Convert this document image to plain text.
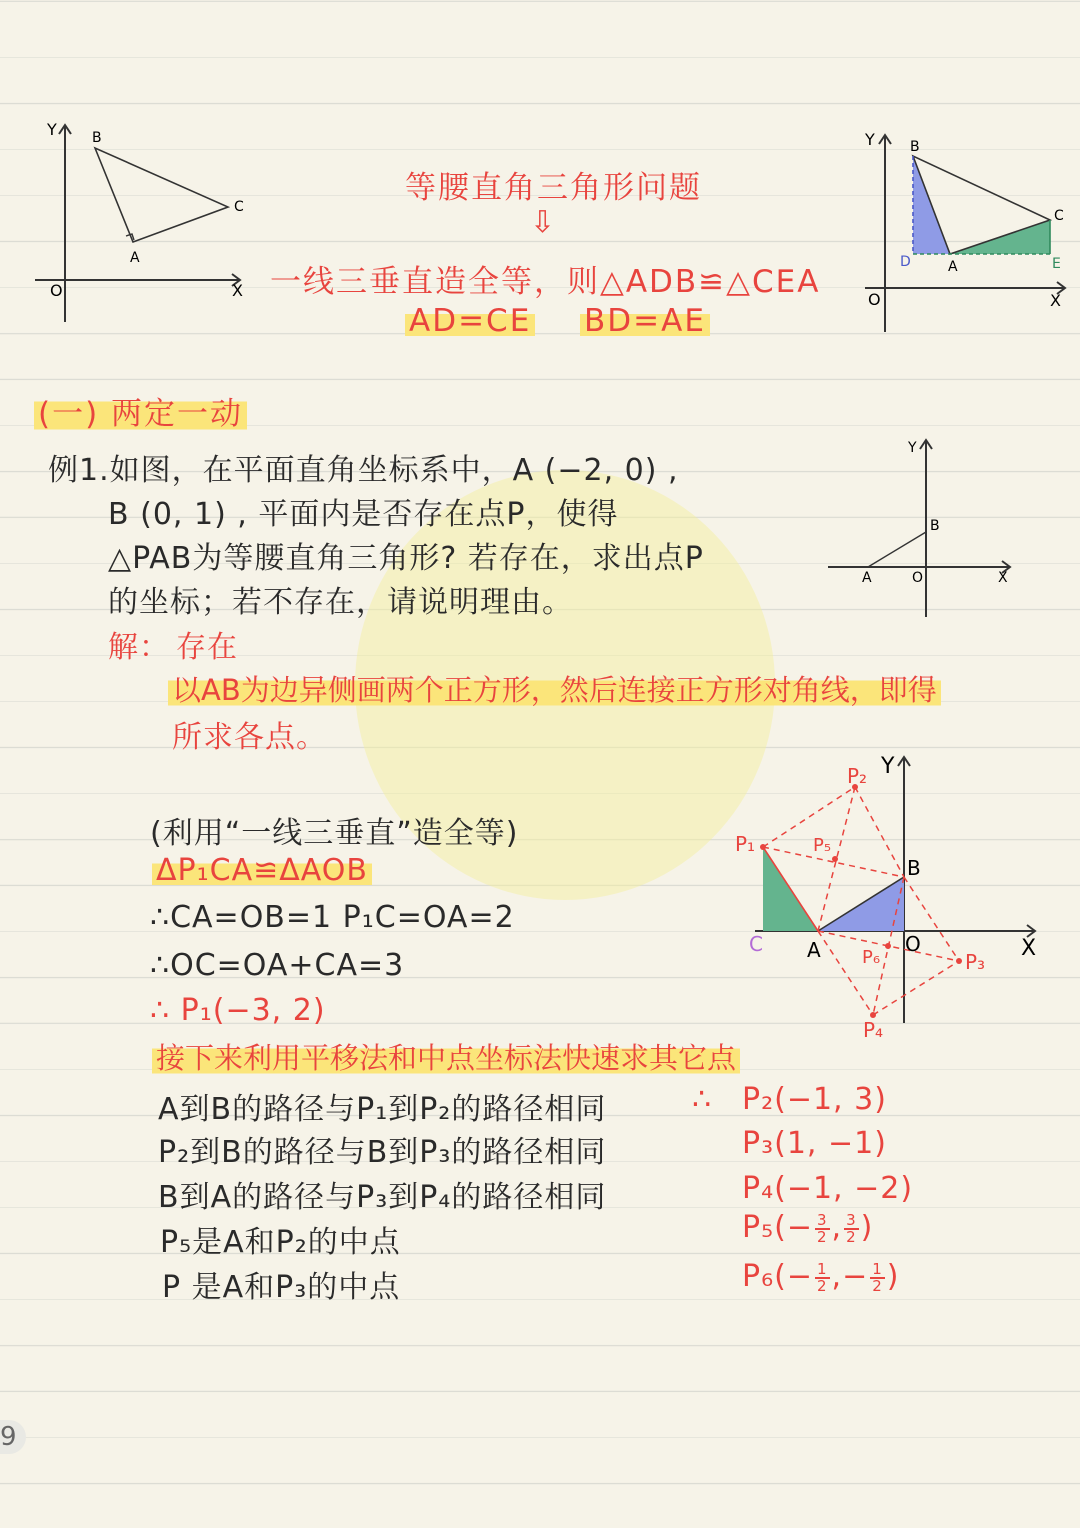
Y	B
C
A
O	X
Y	B
C
D	A	E
O	X
等腰直角三角形问题
⇩
一线三垂直造全等，则△ADB≌△CEA
AD=CE BD=AE
(一) 两定一动
例1.如图，在平面直角坐标系中，A (−2, 0) ,
B (0, 1) , 平面内是否存在点P，使得
△PAB为等腰直角三角形? 若存在，求出点P
的坐标；若不存在，请说明理由。
Y
B
A	O	X
解： 存在
以AB为边异侧画两个正方形，然后连接正方形对角线，即得
所求各点。
Y
X
O
B
A
C
P₁
P₂
P₃
P₄
P₅
P₆
(利用“一线三垂直”造全等)
ΔP₁CA≌ΔAOB
∴CA=OB=1 P₁C=OA=2
∴OC=OA+CA=3
∴ P₁(−3, 2)
接下来利用平移法和中点坐标法快速求其它点
A到B的路径与P₁到P₂的路径相同
P₂到B的路径与B到P₃的路径相同
B到A的路径与P₃到P₄的路径相同
P₅是A和P₂的中点
P 是A和P₃的中点
∴ P₂(−1, 3)
P₃(1, −1)
P₄(−1, −2)
$P_5(- \frac{3}{2}$ , $\frac{3}{2}$ )
$P_6(- \frac{1}{2}$ ,− $\frac{1}{2}$ )
9
